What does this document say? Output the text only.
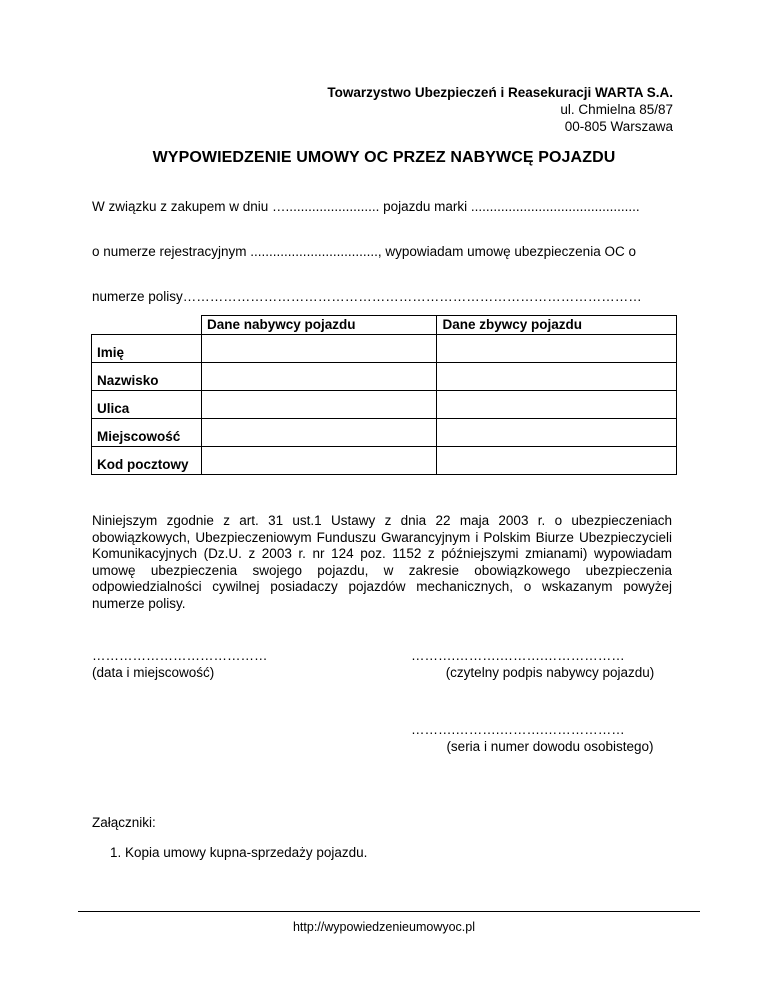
Towarzystwo Ubezpieczeń i Reasekuracji WARTA S.A.
ul. Chmielna 85/87
00-805 Warszawa
WYPOWIEDZENIE UMOWY OC PRZEZ NABYWCĘ POJAZDU
W związku z zakupem w dniu …......................... pojazdu marki .............................................
o numerze rejestracyjnym .................................., wypowiadam umowę ubezpieczenia OC o
numerze polisy…………………………………………………………………………………………
	Dane nabywcy pojazdu	Dane zbywcy pojazdu
Imię		
Nazwisko		
Ulica		
Miejscowość		
Kod pocztowy		
Niniejszym zgodnie z art. 31 ust.1 Ustawy z dnia 22 maja 2003 r. o ubezpieczeniach obowiązkowych, Ubezpieczeniowym Funduszu Gwarancyjnym i Polskim Biurze Ubezpieczycieli Komunikacyjnych (Dz.U. z 2003 r. nr 124 poz. 1152 z późniejszymi zmianami) wypowiadam umowę ubezpieczenia swojego pojazdu, w zakresie obowiązkowego ubezpieczenia odpowiedzialności cywilnej posiadaczy pojazdów mechanicznych, o wskazanym powyżej numerze polisy.
…………………………………
(data i miejscowość)
……….……….……….………………
(czytelny podpis nabywcy pojazdu)
……….……….……….………………
(seria i numer dowodu osobistego)
Załączniki:
1. Kopia umowy kupna-sprzedaży pojazdu.
http://wypowiedzenieumowyoc.pl
